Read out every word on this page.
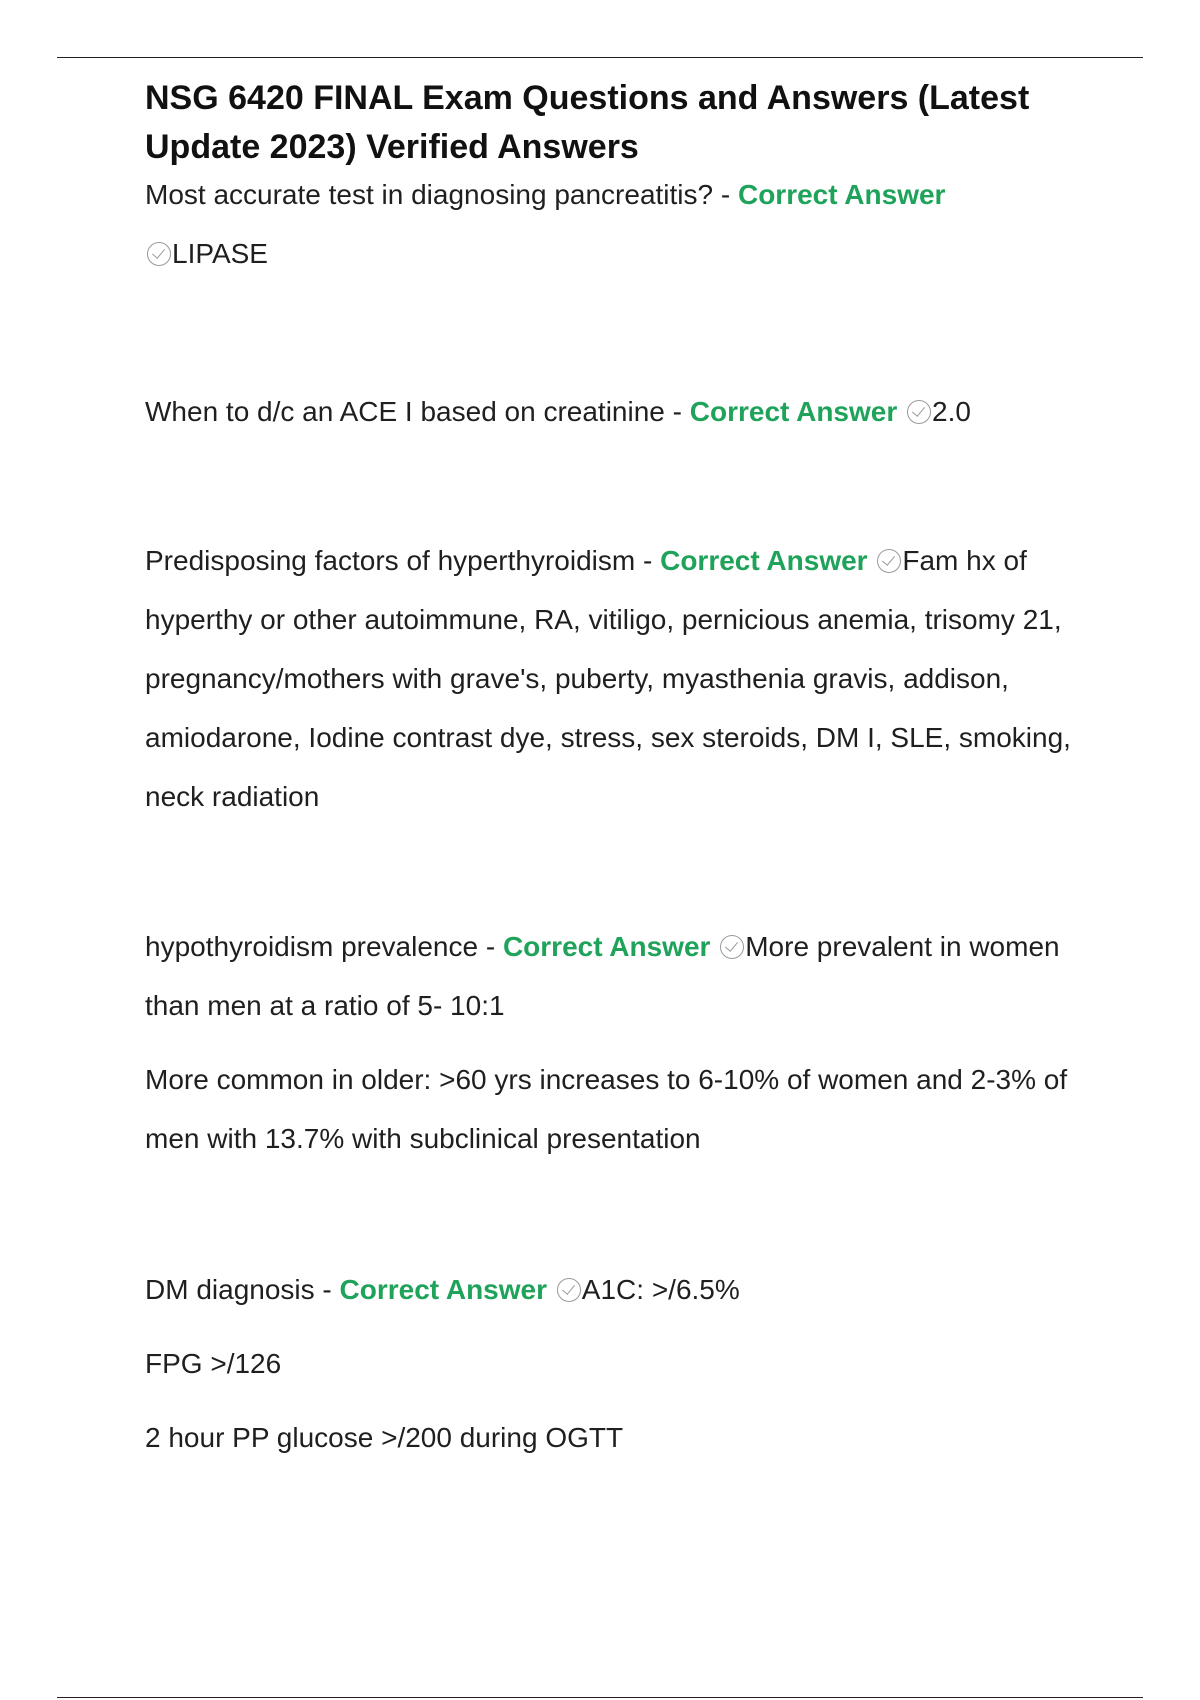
NSG 6420 FINAL Exam Questions and Answers (Latest Update 2023) Verified Answers

Most accurate test in diagnosing pancreatitis? - Correct Answer

LIPASE

When to d/c an ACE I based on creatinine - Correct Answer 2.0

Predisposing factors of hyperthyroidism - Correct Answer Fam hx of hyperthy or other autoimmune, RA, vitiligo, pernicious anemia, trisomy 21, pregnancy/mothers with grave's, puberty, myasthenia gravis, addison, amiodarone, Iodine contrast dye, stress, sex steroids, DM I, SLE, smoking, neck radiation

hypothyroidism prevalence - Correct Answer More prevalent in women than men at a ratio of 5- 10:1

More common in older: >60 yrs increases to 6-10% of women and 2-3% of men with 13.7% with subclinical presentation

DM diagnosis - Correct Answer A1C: >/6.5%

FPG >/126

2 hour PP glucose >/200 during OGTT
